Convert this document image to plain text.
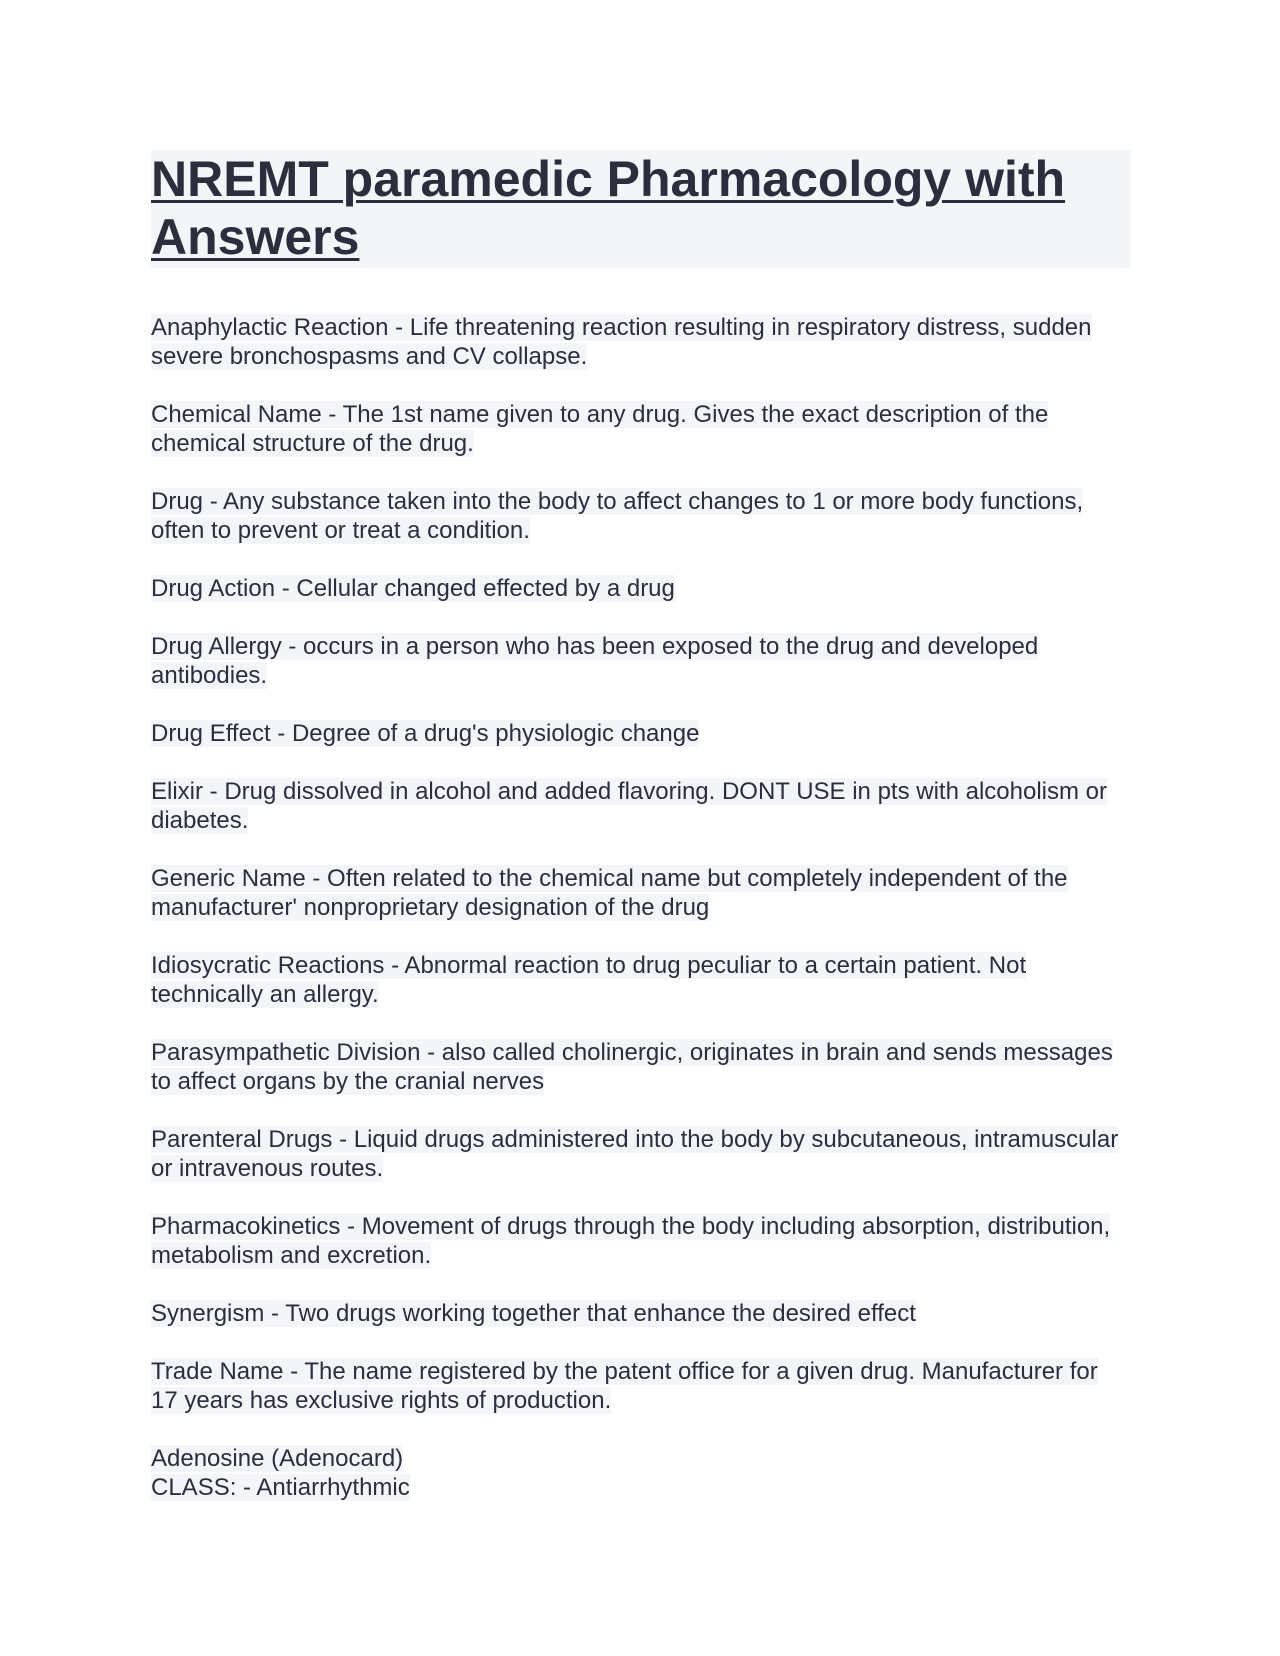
NREMT paramedic Pharmacology with Answers

Anaphylactic Reaction - Life threatening reaction resulting in respiratory distress, sudden severe bronchospasms and CV collapse.

Chemical Name - The 1st name given to any drug. Gives the exact description of the chemical structure of the drug.

Drug - Any substance taken into the body to affect changes to 1 or more body functions, often to prevent or treat a condition.

Drug Action - Cellular changed effected by a drug

Drug Allergy - occurs in a person who has been exposed to the drug and developed antibodies.

Drug Effect - Degree of a drug's physiologic change

Elixir - Drug dissolved in alcohol and added flavoring. DONT USE in pts with alcoholism or diabetes.

Generic Name - Often related to the chemical name but completely independent of the manufacturer' nonproprietary designation of the drug

Idiosycratic Reactions - Abnormal reaction to drug peculiar to a certain patient. Not technically an allergy.

Parasympathetic Division - also called cholinergic, originates in brain and sends messages to affect organs by the cranial nerves

Parenteral Drugs - Liquid drugs administered into the body by subcutaneous, intramuscular or intravenous routes.

Pharmacokinetics - Movement of drugs through the body including absorption, distribution, metabolism and excretion.

Synergism - Two drugs working together that enhance the desired effect

Trade Name - The name registered by the patent office for a given drug. Manufacturer for 17 years has exclusive rights of production.

Adenosine (Adenocard)
CLASS: - Antiarrhythmic
